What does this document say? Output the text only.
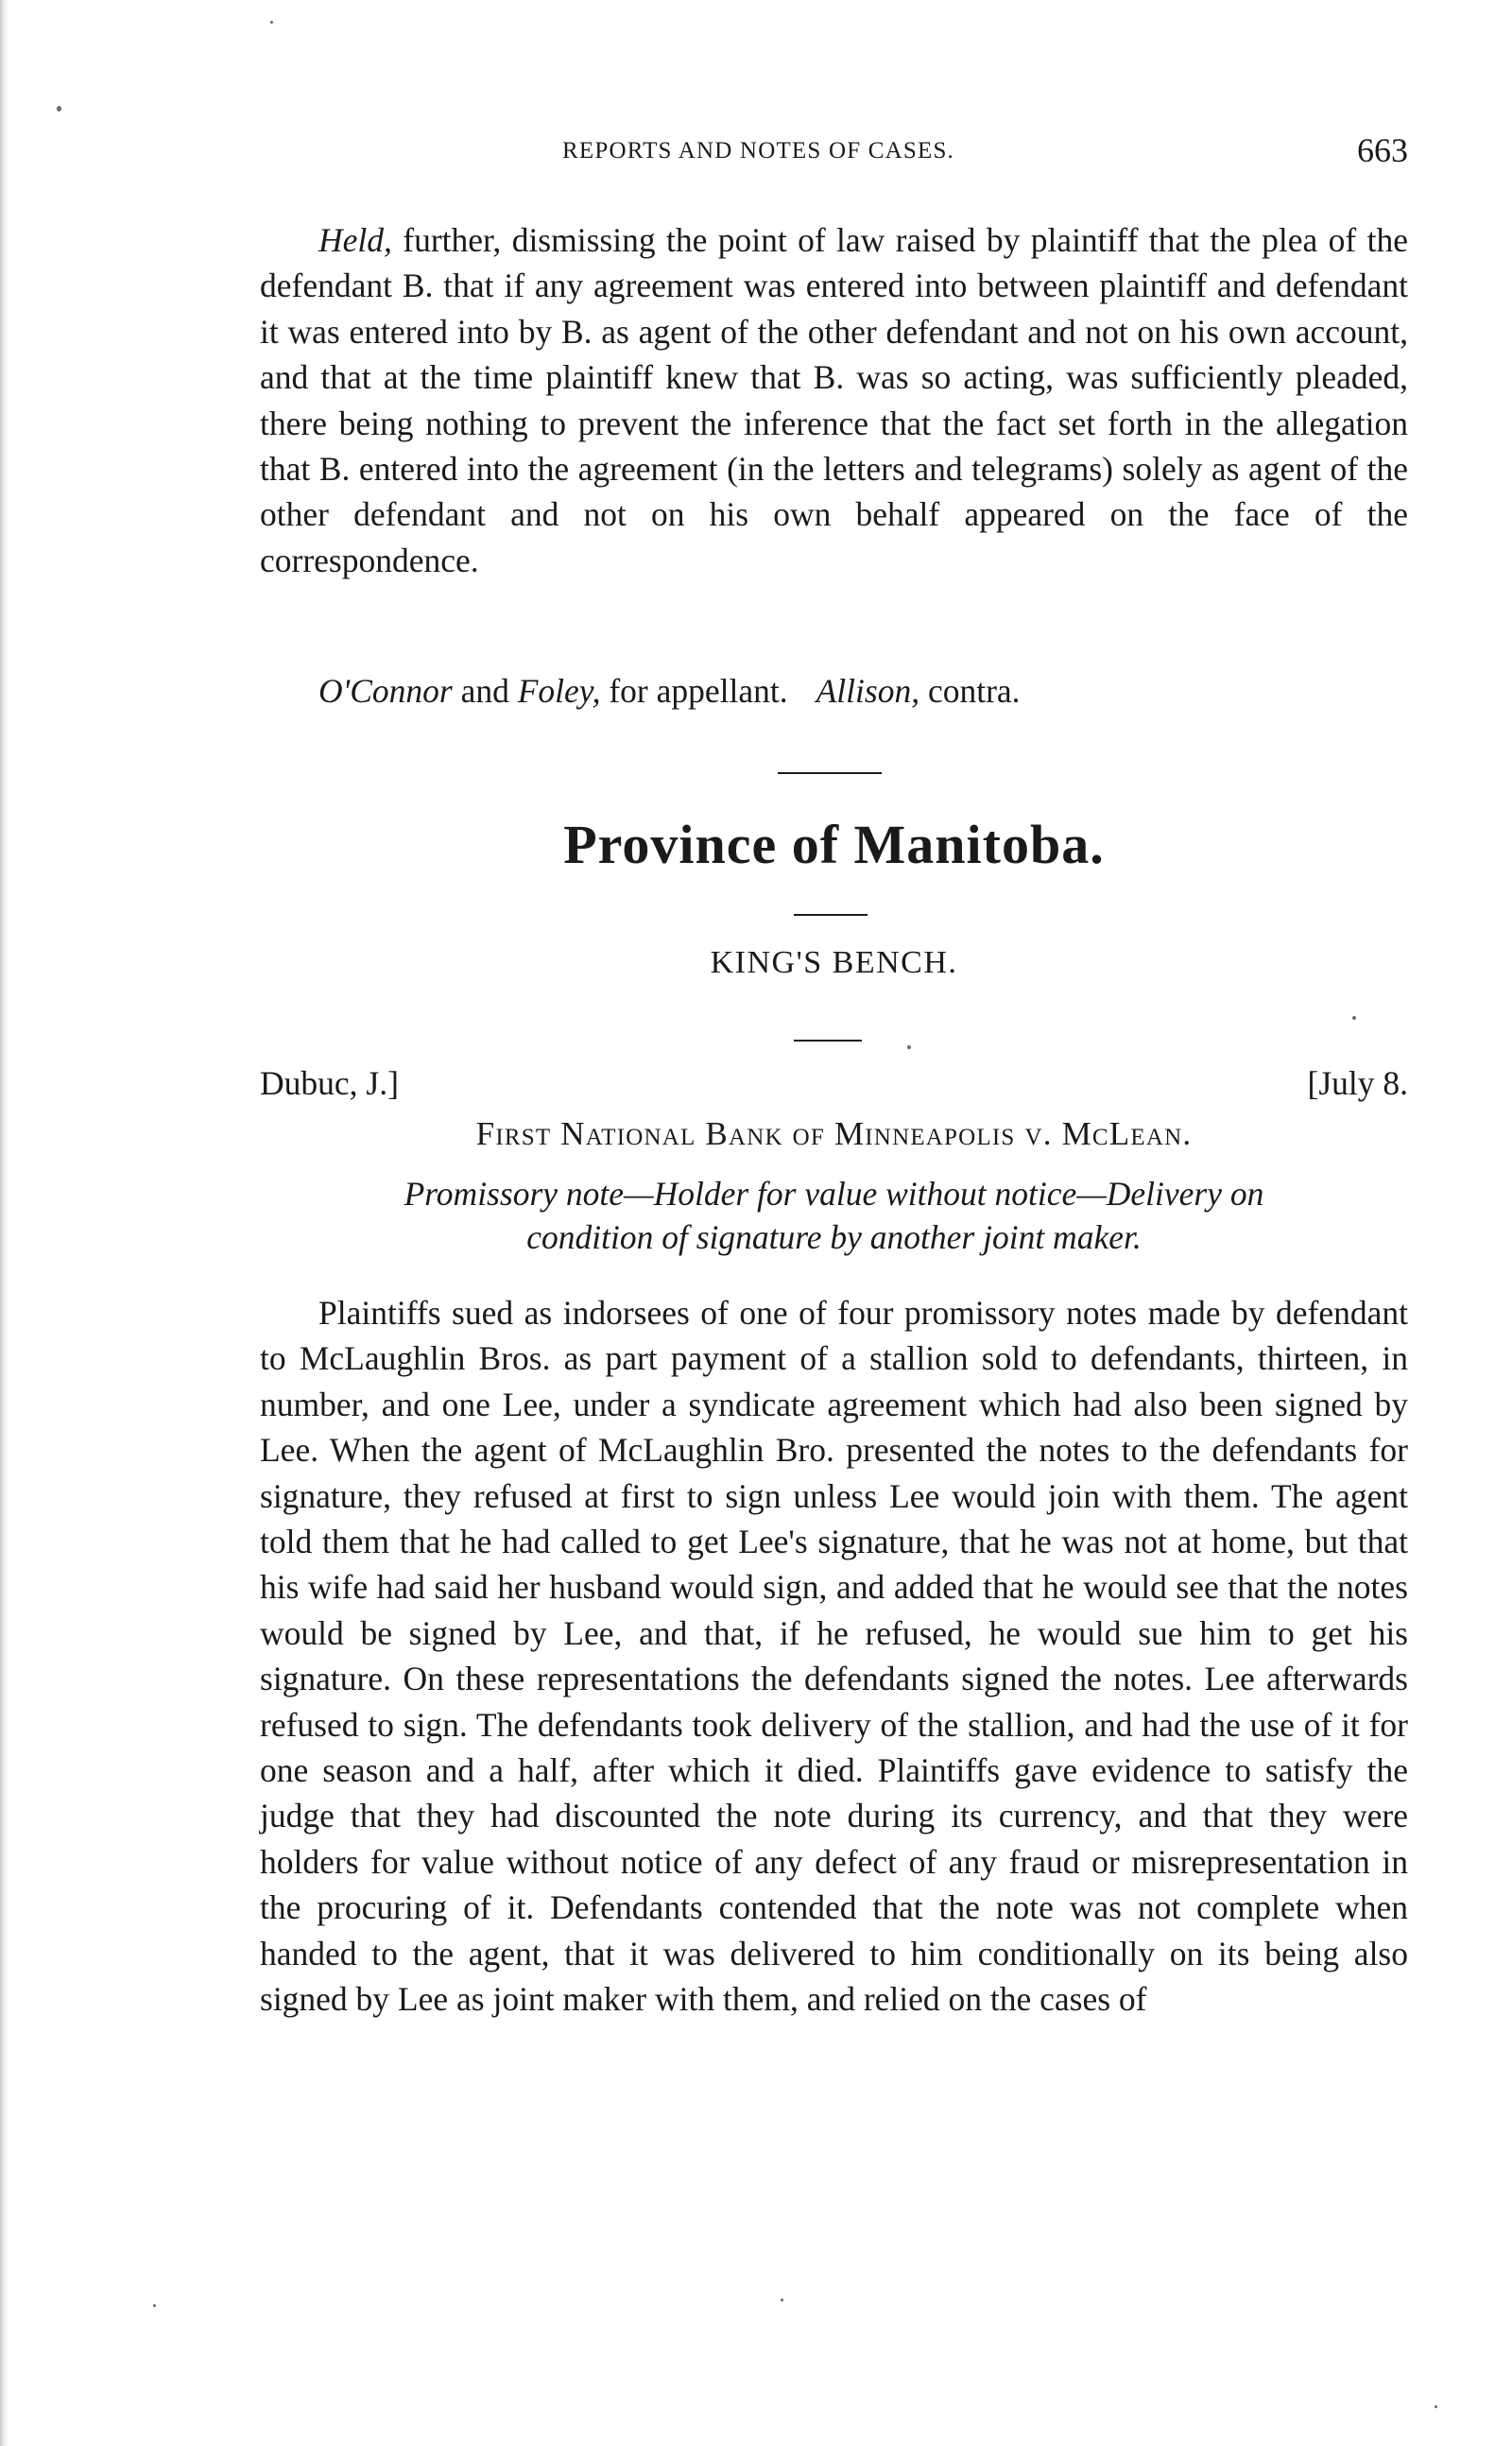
REPORTS AND NOTES OF CASES.	663

Held, further, dismissing the point of law raised by plaintiff that the plea of the defendant B. that if any agreement was entered into between plaintiff and defendant it was entered into by B. as agent of the other defendant and not on his own account, and that at the time plaintiff knew that B. was so acting, was sufficiently pleaded, there being nothing to prevent the inference that the fact set forth in the allegation that B. entered into the agreement (in the letters and telegrams) solely as agent of the other defendant and not on his own behalf appeared on the face of the correspondence.

O'Connor and Foley, for appellant. Allison, contra.
Province of Manitoba.
KING'S BENCH.
Dubuc, J.]	[July 8.
First National Bank of Minneapolis v. McLean.
Promissory note—Holder for value without notice—Delivery on
condition of signature by another joint maker.

Plaintiffs sued as indorsees of one of four promissory notes made by defendant to McLaughlin Bros. as part payment of a stallion sold to defendants, thirteen, in number, and one Lee, under a syndicate agreement which had also been signed by Lee. When the agent of McLaughlin Bro. presented the notes to the defendants for signature, they refused at first to sign unless Lee would join with them. The agent told them that he had called to get Lee's signature, that he was not at home, but that his wife had said her husband would sign, and added that he would see that the notes would be signed by Lee, and that, if he refused, he would sue him to get his signature. On these representations the defendants signed the notes. Lee afterwards refused to sign. The defendants took delivery of the stallion, and had the use of it for one season and a half, after which it died. Plaintiffs gave evidence to satisfy the judge that they had discounted the note during its currency, and that they were holders for value without notice of any defect of any fraud or misrepresentation in the procuring of it. Defendants contended that the note was not complete when handed to the agent, that it was delivered to him conditionally on its being also signed by Lee as joint maker with them, and relied on the cases of
